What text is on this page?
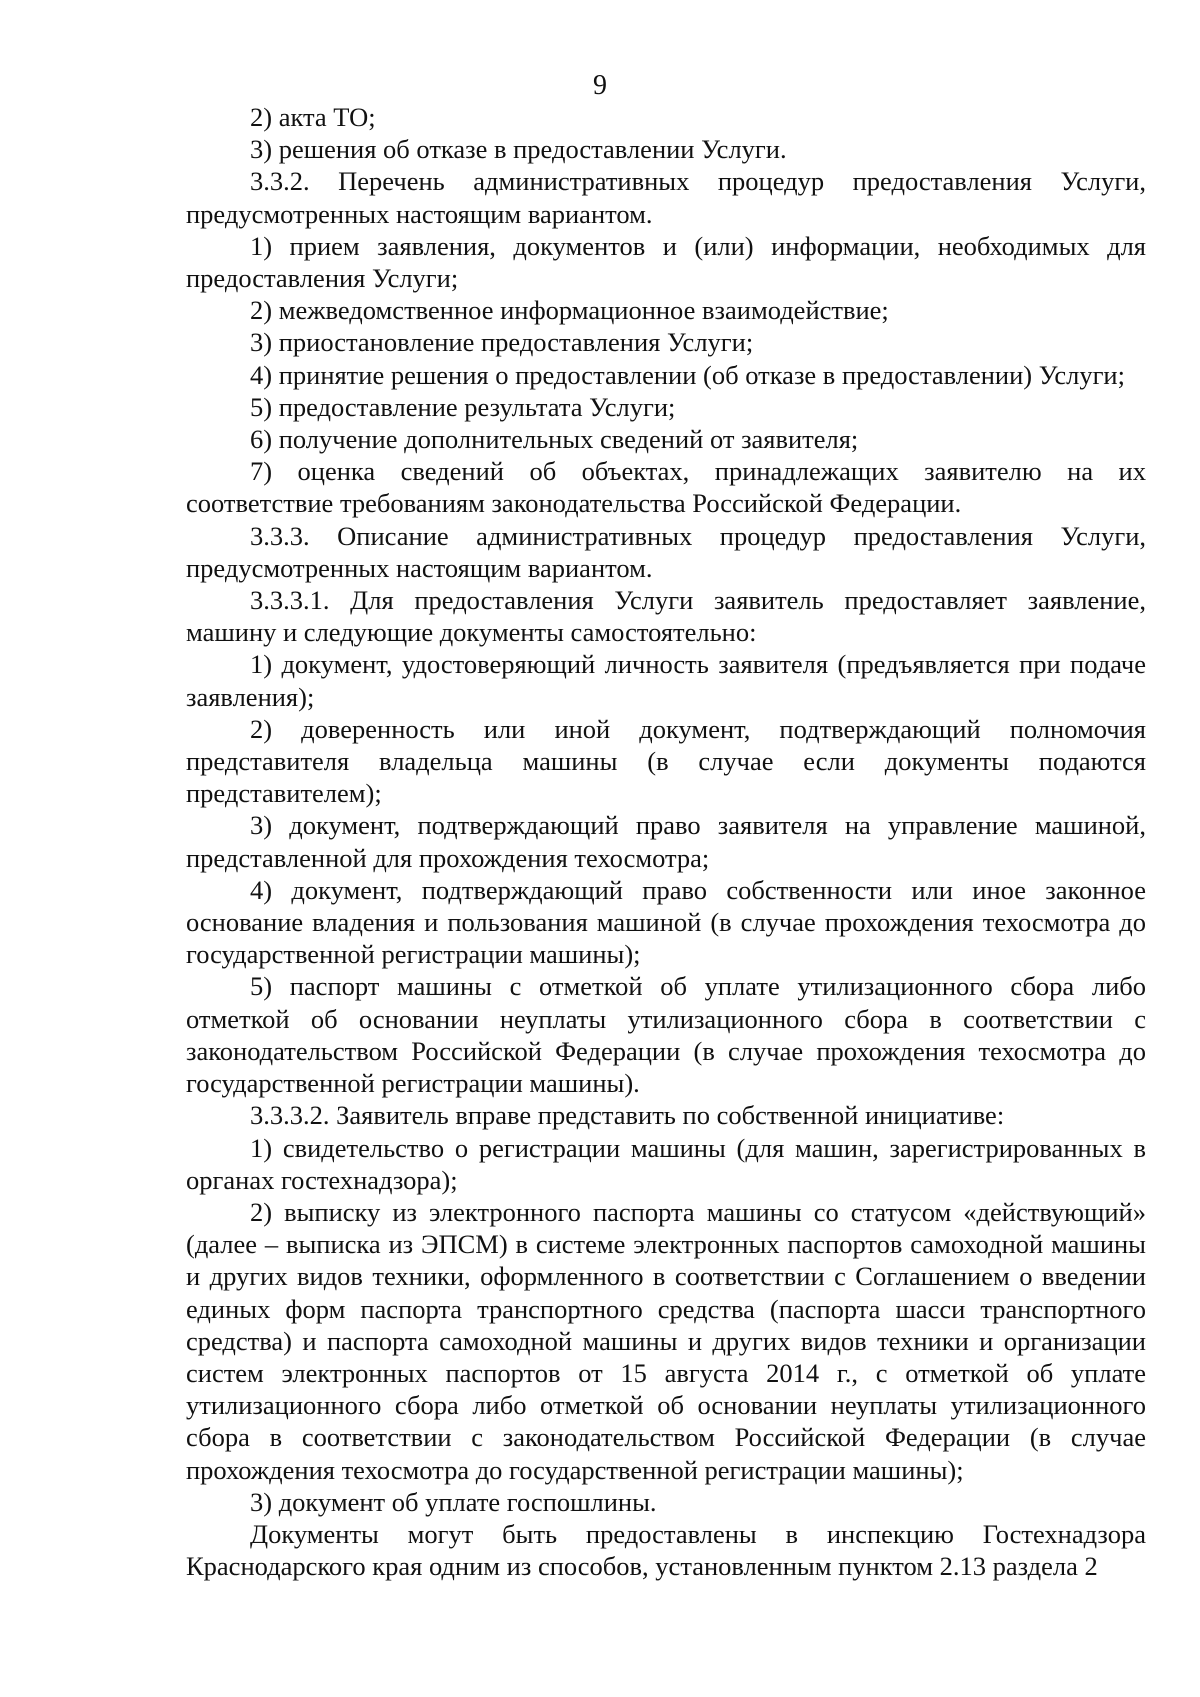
9

2) акта ТО;

3) решения об отказе в предоставлении Услуги.

3.3.2. Перечень административных процедур предоставления Услуги, предусмотренных настоящим вариантом.

1) прием заявления, документов и (или) информации, необходимых для предоставления Услуги;

2) межведомственное информационное взаимодействие;

3) приостановление предоставления Услуги;

4) принятие решения о предоставлении (об отказе в предоставлении) Услуги;

5) предоставление результата Услуги;

6) получение дополнительных сведений от заявителя;

7) оценка сведений об объектах, принадлежащих заявителю на их соответствие требованиям законодательства Российской Федерации.

3.3.3. Описание административных процедур предоставления Услуги, предусмотренных настоящим вариантом.

3.3.3.1. Для предоставления Услуги заявитель предоставляет заявление, машину и следующие документы самостоятельно:

1) документ, удостоверяющий личность заявителя (предъявляется при подаче заявления);

2) доверенность или иной документ, подтверждающий полномочия представителя владельца машины (в случае если документы подаются представителем);

3) документ, подтверждающий право заявителя на управление машиной, представленной для прохождения техосмотра;

4) документ, подтверждающий право собственности или иное законное основание владения и пользования машиной (в случае прохождения техосмотра до государственной регистрации машины);

5) паспорт машины с отметкой об уплате утилизационного сбора либо отметкой об основании неуплаты утилизационного сбора в соответствии с законодательством Российской Федерации (в случае прохождения техосмотра до государственной регистрации машины).

3.3.3.2. Заявитель вправе представить по собственной инициативе:

1) свидетельство о регистрации машины (для машин, зарегистрированных в органах гостехнадзора);

2) выписку из электронного паспорта машины со статусом «действующий» (далее – выписка из ЭПСМ) в системе электронных паспортов самоходной машины и других видов техники, оформленного в соответствии с Соглашением о введении единых форм паспорта транспортного средства (паспорта шасси транспортного средства) и паспорта самоходной машины и других видов техники и организации систем электронных паспортов от 15 августа 2014 г., с отметкой об уплате утилизационного сбора либо отметкой об основании неуплаты утилизационного сбора в соответствии с законодательством Российской Федерации (в случае прохождения техосмотра до государственной регистрации машины);

3) документ об уплате госпошлины.

Документы могут быть предоставлены в инспекцию Гостехнадзора Краснодарского края одним из способов, установленным пунктом 2.13 раздела 2
